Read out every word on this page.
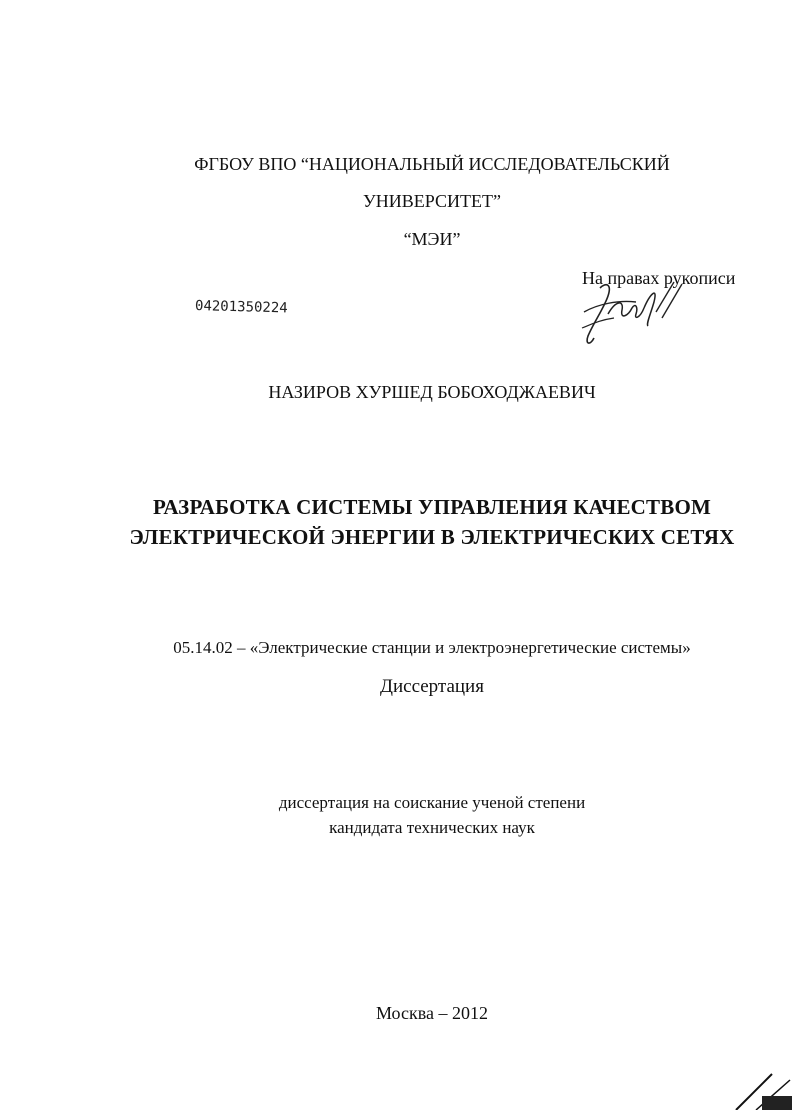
ФГБОУ ВПО “НАЦИОНАЛЬНЫЙ ИССЛЕДОВАТЕЛЬСКИЙ
УНИВЕРСИТЕТ”
“МЭИ”
На правах рукописи
04201350224
НАЗИРОВ ХУРШЕД БОБОХОДЖАЕВИЧ
РАЗРАБОТКА СИСТЕМЫ УПРАВЛЕНИЯ КАЧЕСТВОМ
ЭЛЕКТРИЧЕСКОЙ ЭНЕРГИИ В ЭЛЕКТРИЧЕСКИХ СЕТЯХ
05.14.02 – «Электрические станции и электроэнергетические системы»
Диссертация
диссертация на соискание ученой степени
кандидата технических наук
Москва – 2012
